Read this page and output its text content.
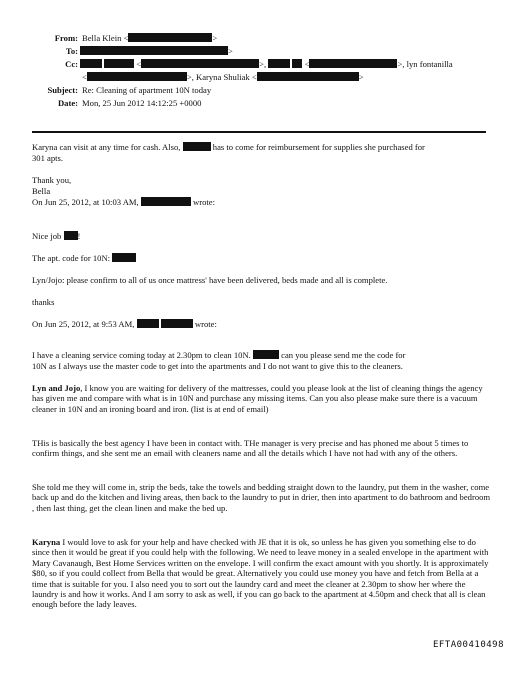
From: Bella Klein <	>
To:	>
Cc:	<	>,	<	>, lyn fontanilla
<	>, Karyna Shuliak <	>
Subject: Re: Cleaning of apartment 10N today
Date: Mon, 25 Jun 2012 14:12:25 +0000
Karyna can visit at any time for cash. Also,	has to come for reimbursement for supplies she purchased for
301 apts.
Thank you,
Bella
On Jun 25, 2012, at 10:03 AM,	wrote:
Nice job !
The apt. code for 10N:
Lyn/Jojo: please confirm to all of us once mattress' have been delivered, beds made and all is complete.
thanks
On Jun 25, 2012, at 9:53 AM,	wrote:
I have a cleaning service coming today at 2.30pm to clean 10N.	can you please send me the code for
10N as I always use the master code to get into the apartments and I do not want to give this to the cleaners.

Lyn and Jojo, I know you are waiting for delivery of the mattresses, could you please look at the list of cleaning things the agency has given me and compare with what is in 10N and purchase any missing items. Can you also please make sure there is a vacuum cleaner in 10N and an ironing board and iron. (list is at end of email)

THis is basically the best agency I have been in contact with. THe manager is very precise and has phoned me about 5 times to confirm things, and she sent me an email with cleaners name and all the details which I have not had with any of the others.
She told me they will come in, strip the beds, take the towels and bedding straight down to the laundry, put them in the washer, come back up and do the kitchen and living areas, then back to the laundry to put in drier, then into apartment to do bathroom and bedroom , then last thing, get the clean linen and make the bed up.

Karyna I would love to ask for your help and have checked with JE that it is ok, so unless he has given you something else to do since then it would be great if you could help with the following. We need to leave money in a sealed envelope in the apartment with Mary Cavanaugh, Best Home Services written on the envelope. I will confirm the exact amount with you shortly. It is approximately $80, so if you could collect from Bella that would be great. Alternatively you could use money you have and fetch from Bella at a time that is suitable for you. I also need you to sort out the laundry card and meet the cleaner at 2.30pm to show her where the laundry is and how it works. And I am sorry to ask as well, if you can go back to the apartment at 4.50pm and check that all is clean enough before the lady leaves.

EFTA00410498
